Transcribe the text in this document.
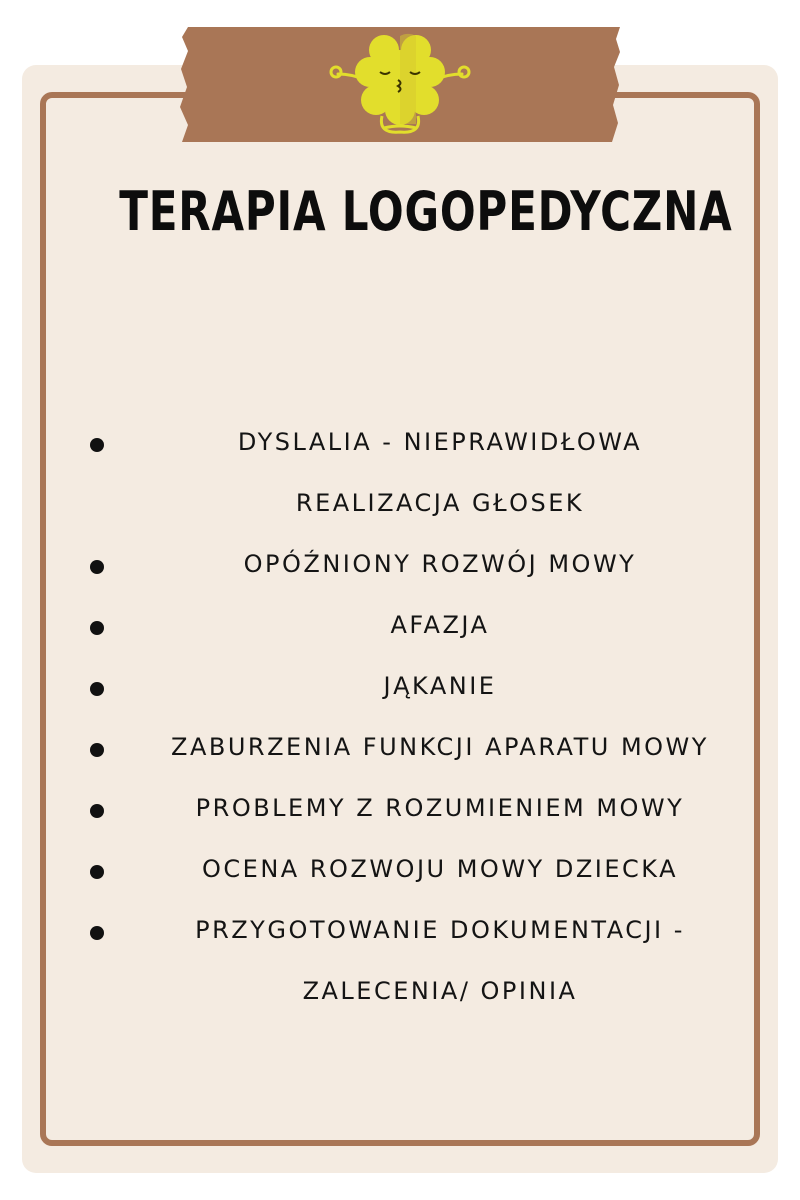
TERAPIA LOGOPEDYCZNA
DYSLALIA - NIEPRAWIDŁOWA
REALIZACJA GŁOSEK
OPÓŹNIONY ROZWÓJ MOWY
AFAZJA
JĄKANIE
ZABURZENIA FUNKCJI APARATU MOWY
PROBLEMY Z ROZUMIENIEM MOWY
OCENA ROZWOJU MOWY DZIECKA
PRZYGOTOWANIE DOKUMENTACJI -
ZALECENIA/ OPINIA
